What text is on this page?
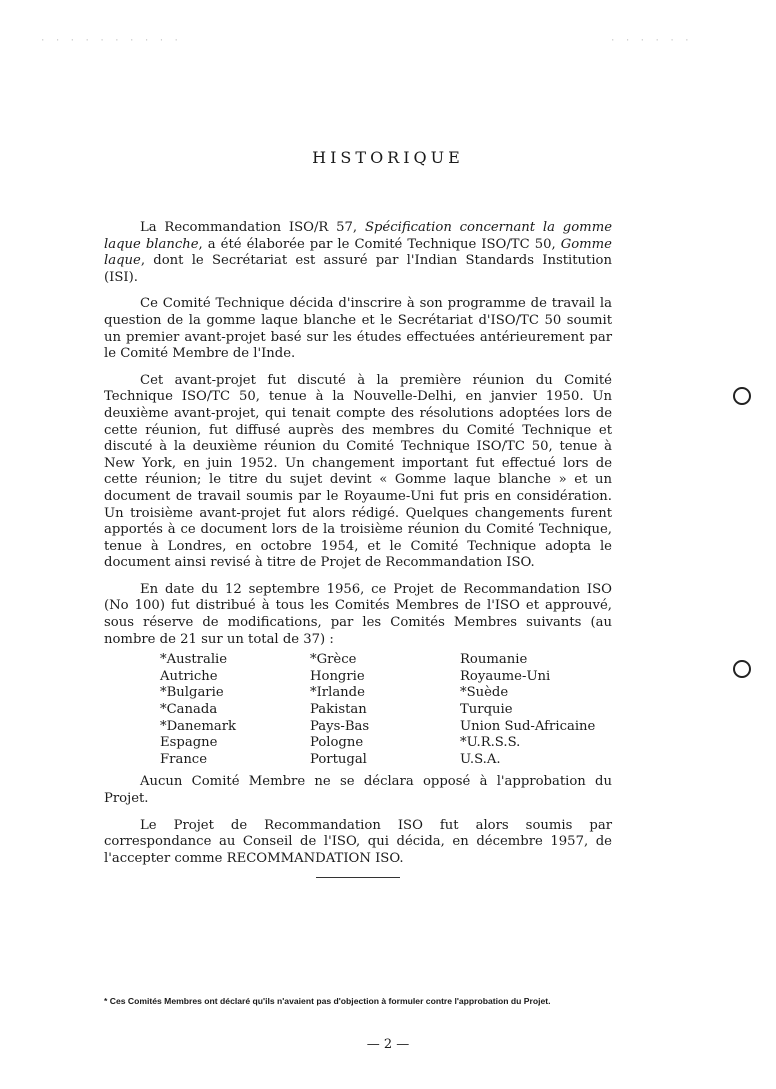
· · · · · · · · · ·	· · · · · ·
HISTORIQUE

La Recommandation ISO/R 57, Spécification concernant la gomme laque blanche, a été élaborée par le Comité Technique ISO/TC 50, Gomme laque, dont le Secrétariat est assuré par l'Indian Standards Institution (ISI).

Ce Comité Technique décida d'inscrire à son programme de travail la question de la gomme laque blanche et le Secrétariat d'ISO/TC 50 soumit un premier avant-projet basé sur les études effectuées antérieurement par le Comité Membre de l'Inde.

Cet avant-projet fut discuté à la première réunion du Comité Technique ISO/TC 50, tenue à la Nouvelle-Delhi, en janvier 1950. Un deuxième avant-projet, qui tenait compte des résolutions adoptées lors de cette réunion, fut diffusé auprès des membres du Comité Technique et discuté à la deuxième réunion du Comité Technique ISO/TC 50, tenue à New York, en juin 1952. Un changement important fut effectué lors de cette réunion; le titre du sujet devint « Gomme laque blanche » et un document de travail soumis par le Royaume-Uni fut pris en considération. Un troisième avant-projet fut alors rédigé. Quelques changements furent apportés à ce document lors de la troisième réunion du Comité Technique, tenue à Londres, en octobre 1954, et le Comité Technique adopta le document ainsi revisé à titre de Projet de Recommandation ISO.

En date du 12 septembre 1956, ce Projet de Recommandation ISO (No 100) fut distribué à tous les Comités Membres de l'ISO et approuvé, sous réserve de modifications, par les Comités Membres suivants (au nombre de 21 sur un total de 37) :

*Australie
Autriche
*Bulgarie
*Canada
*Danemark
Espagne
France
*Grèce
Hongrie
*Irlande
Pakistan
Pays-Bas
Pologne
Portugal
Roumanie
Royaume-Uni
*Suède
Turquie
Union Sud-Africaine
*U.R.S.S.
U.S.A.

Aucun Comité Membre ne se déclara opposé à l'approbation du Projet.

Le Projet de Recommandation ISO fut alors soumis par correspondance au Conseil de l'ISO, qui décida, en décembre 1957, de l'accepter comme RECOMMANDATION ISO.

* Ces Comités Membres ont déclaré qu'ils n'avaient pas d'objection à formuler contre l'approbation du Projet.
— 2 —
